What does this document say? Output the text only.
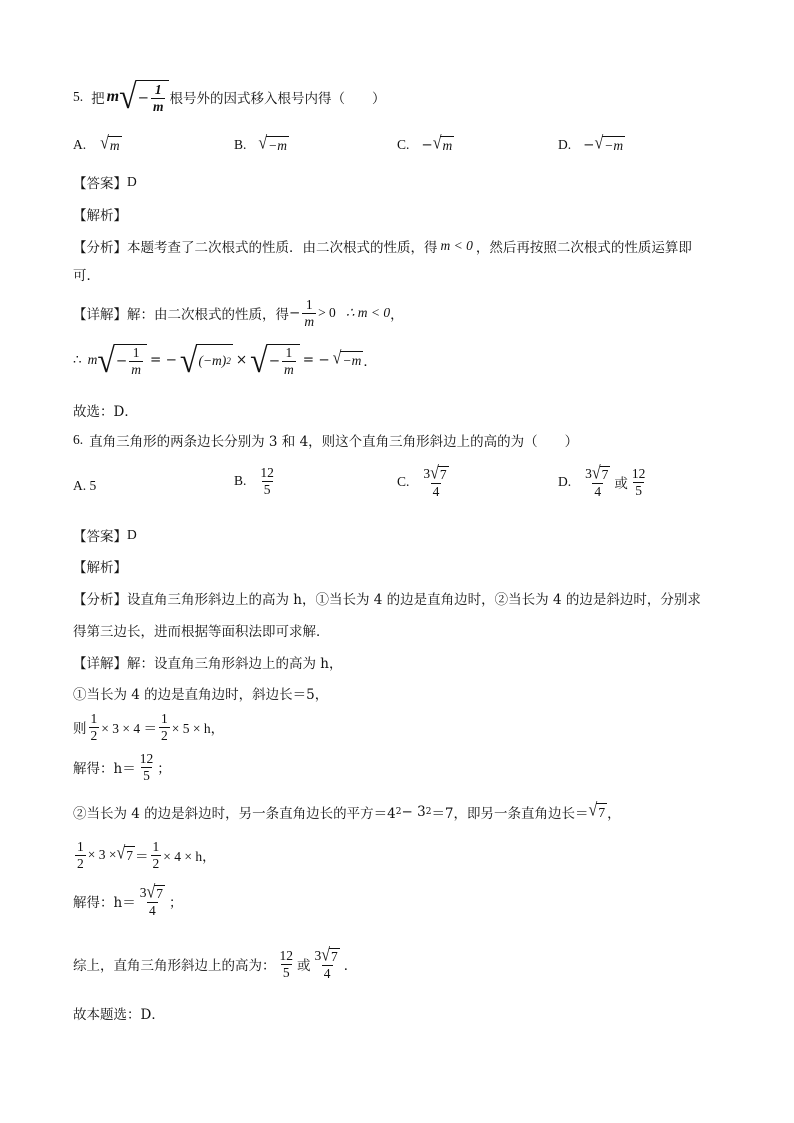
5. 把 m √ − $\frac{1}{m}$ 根号外的因式移入根号内得（　　）
A. √ m	B. √ −m	C. − √ m	D. − √ −m
【答案】 D
【解析】
【分析】 本题考查了二次根式的性质．由二次根式的性质，得 m < 0 ，然后再按照二次根式的性质运算即
可．
【详解】 解：由二次根式的性质，得 − $\frac{1}{m} > 0$ ∴ m < 0 ，
∴ m √ − $\frac{1}{m}$ = − √ (−m) 2 × √ − $\frac{1}{m}$ = − √ −m ．
故选：D．
6. 直角三角形的两条边长分别为 3 和 4，则这个直角三角形斜边上的高的为（　　）
A. 5	B. $\frac{12}{5}$	C. $\frac{3 √ 7}{4}$	D. $\frac{3 √ 7}{4}$ 或 $\frac{12}{5}$
【答案】 D
【解析】
【分析】 设直角三角形斜边上的高为 h，①当长为 4 的边是直角边时，②当长为 4 的边是斜边时，分别求
得第三边长，进而根据等面积法即可求解．
【详解】 解：设直角三角形斜边上的高为 h，
①当长为 4 的边是直角边时，斜边长＝5，
则 $\frac{1}{2} \times 3 \times 4 = \frac{1}{2} \times 5 \times h$，
解得：$h= \frac{12}{5}$ ；
②当长为 4 的边是斜边时，另一条直角边长的平方＝4 2 − 3 2 ＝7，即另一条直角边长＝ √ 7 ，
$\frac{1}{2} \times 3$ × √ $7 = \frac{1}{2} \times 4 \times h$，
解得：$h= \frac{3 √ 7}{4}$ ；
综上，直角三角形斜边上的高为： $\frac{12}{5}$ 或 $\frac{3 √ 7}{4}$ ．
故本题选：D．
